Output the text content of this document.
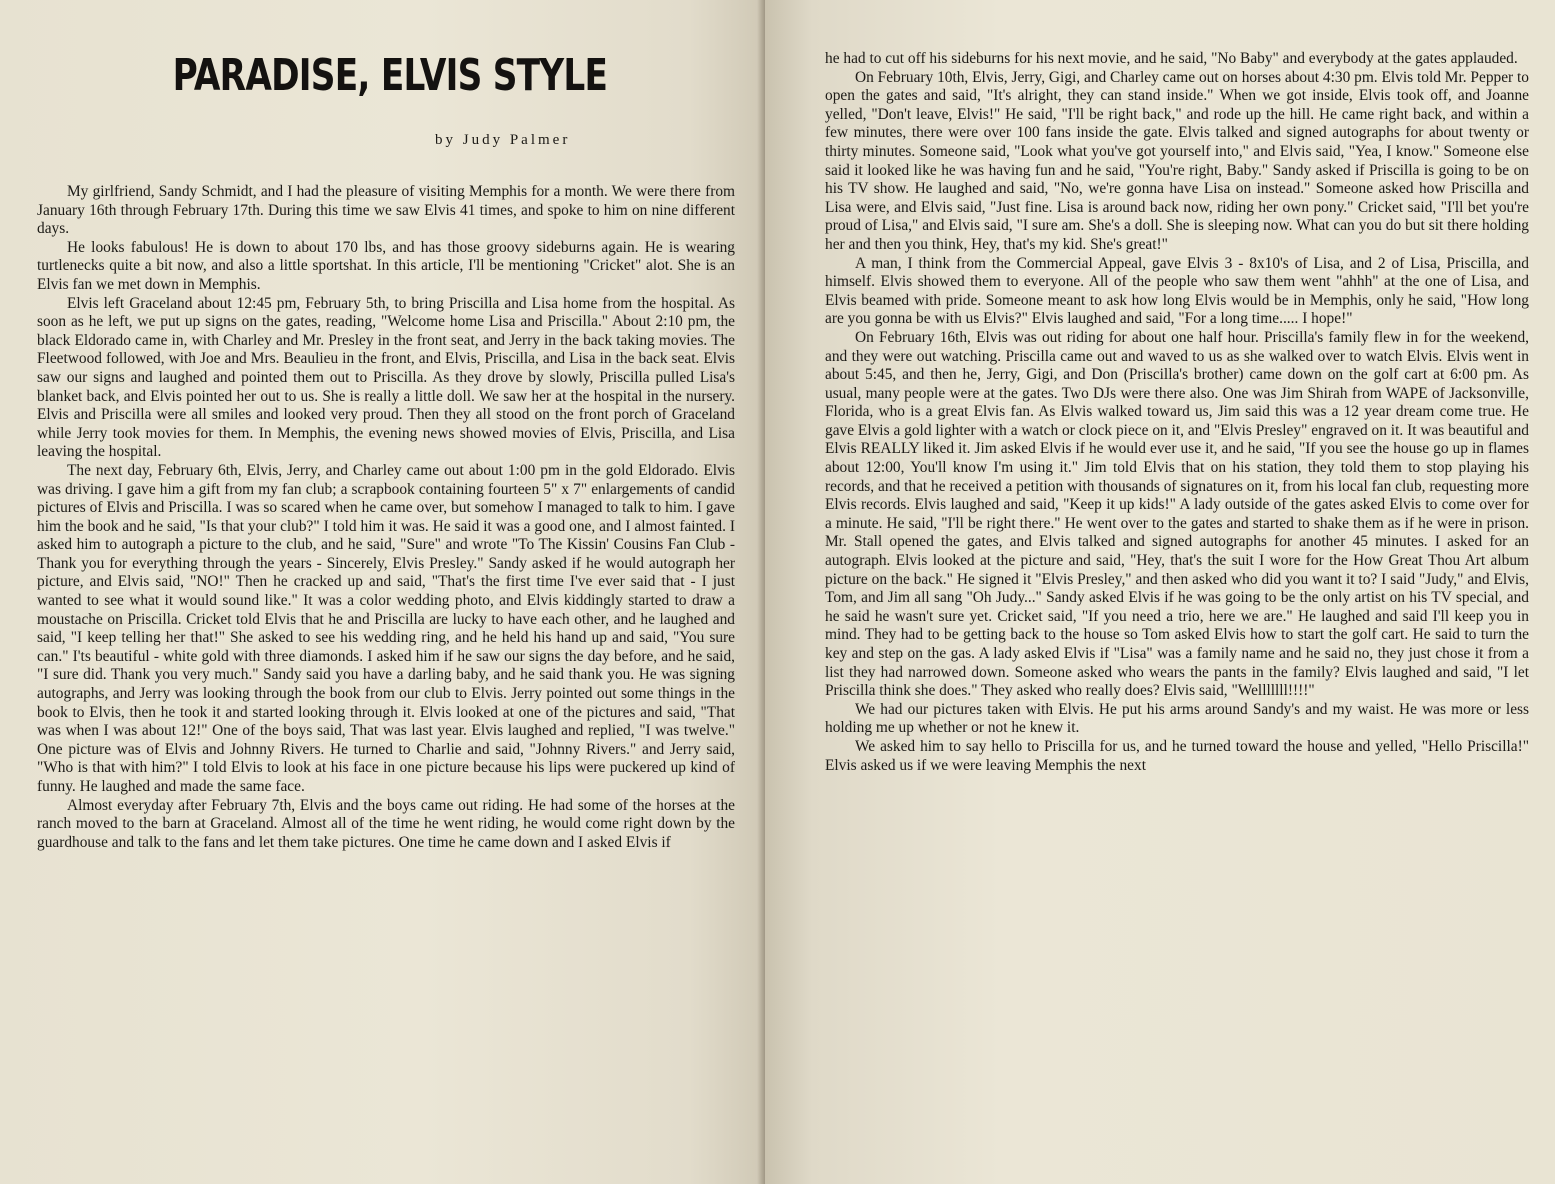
PARADISE, ELVIS STYLE
by Judy Palmer

My girlfriend, Sandy Schmidt, and I had the pleasure of visiting Memphis for a month. We were there from January 16th through February 17th. During this time we saw Elvis 41 times, and spoke to him on nine different days.

He looks fabulous! He is down to about 170 lbs, and has those groovy sideburns again. He is wearing turtlenecks quite a bit now, and also a little sportshat. In this article, I'll be mentioning "Cricket" alot. She is an Elvis fan we met down in Memphis.

Elvis left Graceland about 12:45 pm, February 5th, to bring Priscilla and Lisa home from the hospital. As soon as he left, we put up signs on the gates, reading, "Welcome home Lisa and Priscilla." About 2:10 pm, the black Eldorado came in, with Charley and Mr. Presley in the front seat, and Jerry in the back taking movies. The Fleetwood followed, with Joe and Mrs. Beaulieu in the front, and Elvis, Priscilla, and Lisa in the back seat. Elvis saw our signs and laughed and pointed them out to Priscilla. As they drove by slowly, Priscilla pulled Lisa's blanket back, and Elvis pointed her out to us. She is really a little doll. We saw her at the hospital in the nursery. Elvis and Priscilla were all smiles and looked very proud. Then they all stood on the front porch of Graceland while Jerry took movies for them. In Memphis, the evening news showed movies of Elvis, Priscilla, and Lisa leaving the hospital.

The next day, February 6th, Elvis, Jerry, and Charley came out about 1:00 pm in the gold Eldorado. Elvis was driving. I gave him a gift from my fan club; a scrapbook containing fourteen 5" x 7" enlargements of candid pictures of Elvis and Priscilla. I was so scared when he came over, but somehow I managed to talk to him. I gave him the book and he said, "Is that your club?" I told him it was. He said it was a good one, and I almost fainted. I asked him to autograph a picture to the club, and he said, "Sure" and wrote "To The Kissin' Cousins Fan Club - Thank you for everything through the years - Sincerely, Elvis Presley." Sandy asked if he would autograph her picture, and Elvis said, "NO!" Then he cracked up and said, "That's the first time I've ever said that - I just wanted to see what it would sound like." It was a color wedding photo, and Elvis kiddingly started to draw a moustache on Priscilla. Cricket told Elvis that he and Priscilla are lucky to have each other, and he laughed and said, "I keep telling her that!" She asked to see his wedding ring, and he held his hand up and said, "You sure can." I'ts beautiful - white gold with three diamonds. I asked him if he saw our signs the day before, and he said, "I sure did. Thank you very much." Sandy said you have a darling baby, and he said thank you. He was signing autographs, and Jerry was looking through the book from our club to Elvis. Jerry pointed out some things in the book to Elvis, then he took it and started looking through it. Elvis looked at one of the pictures and said, "That was when I was about 12!" One of the boys said, That was last year. Elvis laughed and replied, "I was twelve." One picture was of Elvis and Johnny Rivers. He turned to Charlie and said, "Johnny Rivers." and Jerry said, "Who is that with him?" I told Elvis to look at his face in one picture because his lips were puckered up kind of funny. He laughed and made the same face.

Almost everyday after February 7th, Elvis and the boys came out riding. He had some of the horses at the ranch moved to the barn at Graceland. Almost all of the time he went riding, he would come right down by the guardhouse and talk to the fans and let them take pictures. One time he came down and I asked Elvis if

he had to cut off his sideburns for his next movie, and he said, "No Baby" and everybody at the gates applauded.

On February 10th, Elvis, Jerry, Gigi, and Charley came out on horses about 4:30 pm. Elvis told Mr. Pepper to open the gates and said, "It's alright, they can stand inside." When we got inside, Elvis took off, and Joanne yelled, "Don't leave, Elvis!" He said, "I'll be right back," and rode up the hill. He came right back, and within a few minutes, there were over 100 fans inside the gate. Elvis talked and signed autographs for about twenty or thirty minutes. Someone said, "Look what you've got yourself into," and Elvis said, "Yea, I know." Someone else said it looked like he was having fun and he said, "You're right, Baby." Sandy asked if Priscilla is going to be on his TV show. He laughed and said, "No, we're gonna have Lisa on instead." Someone asked how Priscilla and Lisa were, and Elvis said, "Just fine. Lisa is around back now, riding her own pony." Cricket said, "I'll bet you're proud of Lisa," and Elvis said, "I sure am. She's a doll. She is sleeping now. What can you do but sit there holding her and then you think, Hey, that's my kid. She's great!"

A man, I think from the Commercial Appeal, gave Elvis 3 - 8x10's of Lisa, and 2 of Lisa, Priscilla, and himself. Elvis showed them to everyone. All of the people who saw them went "ahhh" at the one of Lisa, and Elvis beamed with pride. Someone meant to ask how long Elvis would be in Memphis, only he said, "How long are you gonna be with us Elvis?" Elvis laughed and said, "For a long time..... I hope!"

On February 16th, Elvis was out riding for about one half hour. Priscilla's family flew in for the weekend, and they were out watching. Priscilla came out and waved to us as she walked over to watch Elvis. Elvis went in about 5:45, and then he, Jerry, Gigi, and Don (Priscilla's brother) came down on the golf cart at 6:00 pm. As usual, many people were at the gates. Two DJs were there also. One was Jim Shirah from WAPE of Jacksonville, Florida, who is a great Elvis fan. As Elvis walked toward us, Jim said this was a 12 year dream come true. He gave Elvis a gold lighter with a watch or clock piece on it, and "Elvis Presley" engraved on it. It was beautiful and Elvis REALLY liked it. Jim asked Elvis if he would ever use it, and he said, "If you see the house go up in flames about 12:00, You'll know I'm using it." Jim told Elvis that on his station, they told them to stop playing his records, and that he received a petition with thousands of signatures on it, from his local fan club, requesting more Elvis records. Elvis laughed and said, "Keep it up kids!" A lady outside of the gates asked Elvis to come over for a minute. He said, "I'll be right there." He went over to the gates and started to shake them as if he were in prison. Mr. Stall opened the gates, and Elvis talked and signed autographs for another 45 minutes. I asked for an autograph. Elvis looked at the picture and said, "Hey, that's the suit I wore for the How Great Thou Art album picture on the back." He signed it "Elvis Presley," and then asked who did you want it to? I said "Judy," and Elvis, Tom, and Jim all sang "Oh Judy..." Sandy asked Elvis if he was going to be the only artist on his TV special, and he said he wasn't sure yet. Cricket said, "If you need a trio, here we are." He laughed and said I'll keep you in mind. They had to be getting back to the house so Tom asked Elvis how to start the golf cart. He said to turn the key and step on the gas. A lady asked Elvis if "Lisa" was a family name and he said no, they just chose it from a list they had narrowed down. Someone asked who wears the pants in the family? Elvis laughed and said, "I let Priscilla think she does." They asked who really does? Elvis said, "Welllllll!!!!"

We had our pictures taken with Elvis. He put his arms around Sandy's and my waist. He was more or less holding me up whether or not he knew it.

We asked him to say hello to Priscilla for us, and he turned toward the house and yelled, "Hello Priscilla!" Elvis asked us if we were leaving Memphis the next
